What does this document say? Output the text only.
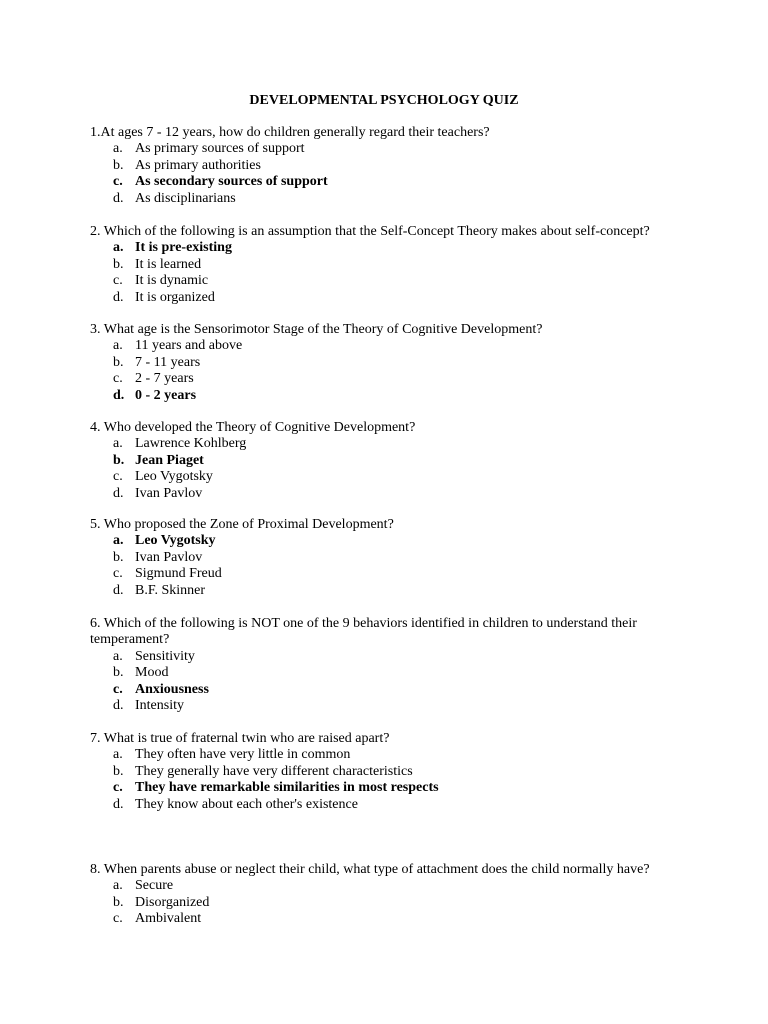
DEVELOPMENTAL PSYCHOLOGY QUIZ
1.At ages 7 - 12 years, how do children generally regard their teachers?
a. As primary sources of support
b. As primary authorities
c. As secondary sources of support
d. As disciplinarians
2. Which of the following is an assumption that the Self-Concept Theory makes about self-concept?
a. It is pre-existing
b. It is learned
c. It is dynamic
d. It is organized
3. What age is the Sensorimotor Stage of the Theory of Cognitive Development?
a. 11 years and above
b. 7 - 11 years
c. 2 - 7 years
d. 0 - 2 years
4. Who developed the Theory of Cognitive Development?
a. Lawrence Kohlberg
b. Jean Piaget
c. Leo Vygotsky
d. Ivan Pavlov
5. Who proposed the Zone of Proximal Development?
a. Leo Vygotsky
b. Ivan Pavlov
c. Sigmund Freud
d. B.F. Skinner
6. Which of the following is NOT one of the 9 behaviors identified in children to understand their temperament?
a. Sensitivity
b. Mood
c. Anxiousness
d. Intensity
7. What is true of fraternal twin who are raised apart?
a. They often have very little in common
b. They generally have very different characteristics
c. They have remarkable similarities in most respects
d. They know about each other's existence
8. When parents abuse or neglect their child, what type of attachment does the child normally have?
a. Secure
b. Disorganized
c. Ambivalent
